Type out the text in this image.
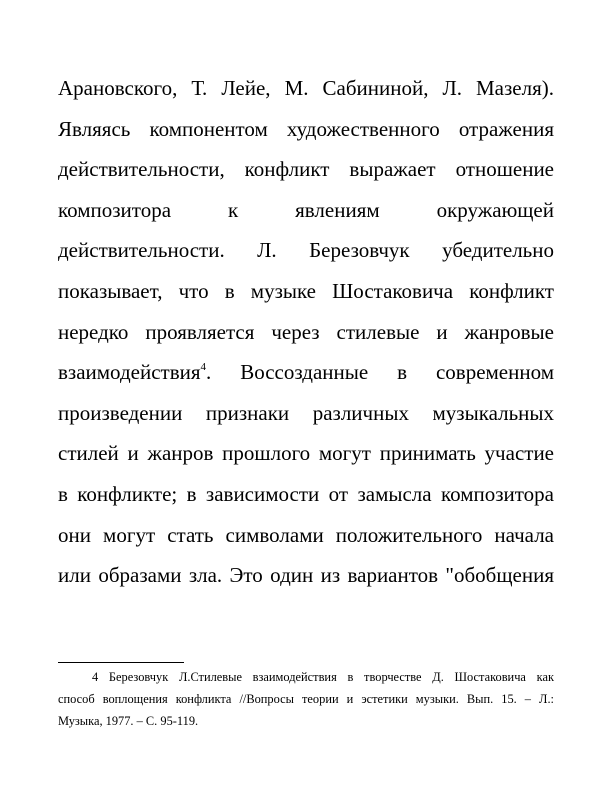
Арановского, Т. Лейе, М. Сабининой, Л. Мазеля).
Являясь компонентом художественного отражения
действительности, конфликт выражает отношение
композитора к явлениям окружающей
действительности. Л. Березовчук убедительно
показывает, что в музыке Шостаковича конфликт
нередко проявляется через стилевые и жанровые
взаимодействия$^4$. Воссозданные в современном
произведении признаки различных музыкальных
стилей и жанров прошлого могут принимать участие
в конфликте; в зависимости от замысла композитора
они могут стать символами положительного начала
или образами зла. Это один из вариантов "обобщения
4 Березовчук Л.Стилевые взаимодействия в творчестве Д. Шостаковича как
способ воплощения конфликта //Вопросы теории и эстетики музыки. Вып. 15. – Л.:
Музыка, 1977. – С. 95-119.
